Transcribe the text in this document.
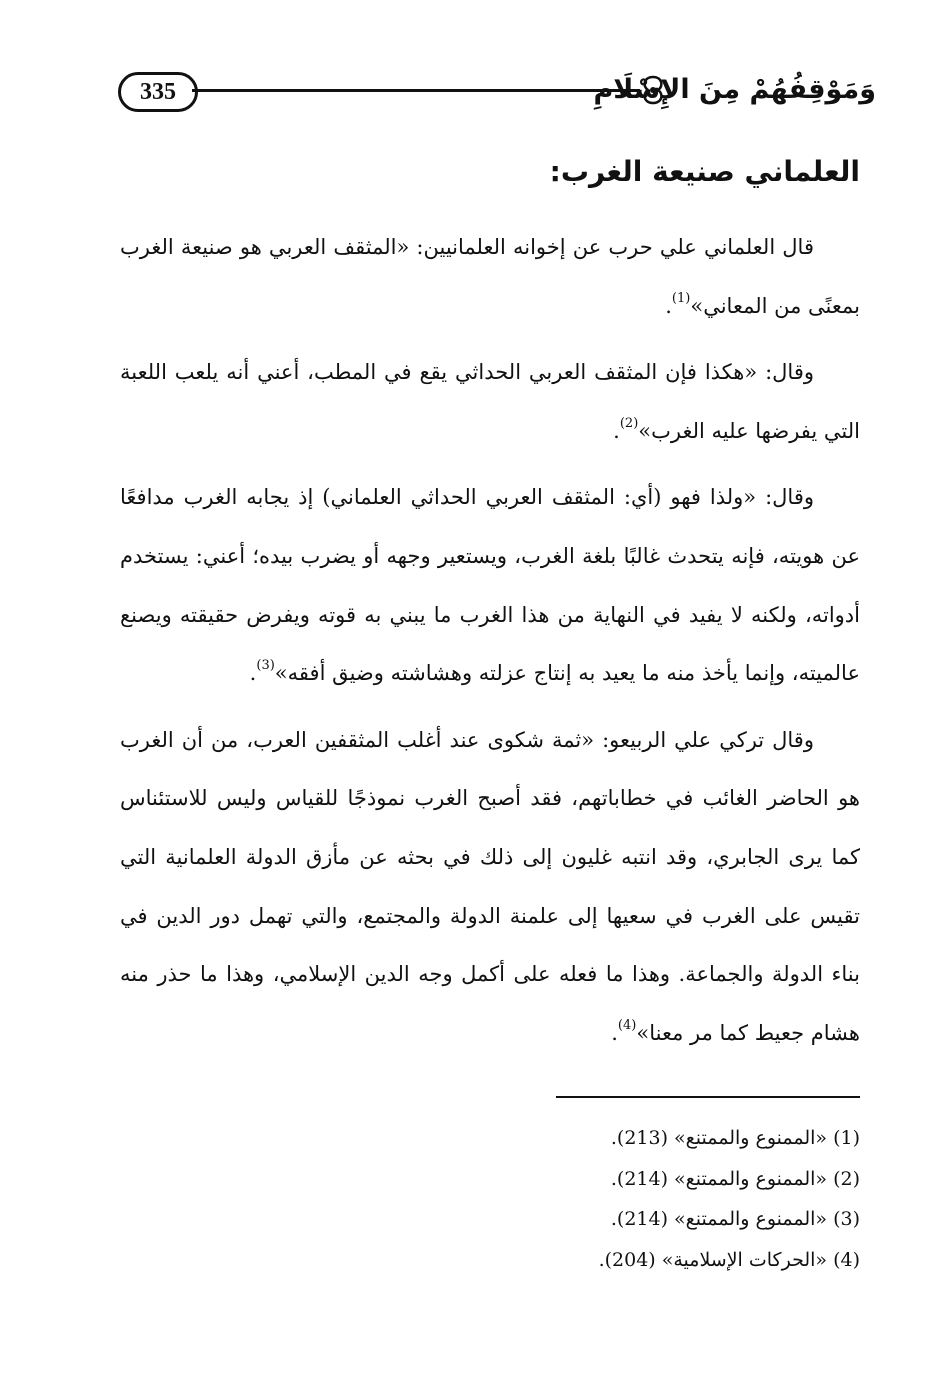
335	وَمَوْقِفُهُمْ مِنَ الإِسْلَامِ
العلماني صنيعة الغرب:

قال العلماني علي حرب عن إخوانه العلمانيين: «المثقف العربي هو صنيعة الغرب بمعنًى من المعاني»$^{(1)}$.

وقال: «هكذا فإن المثقف العربي الحداثي يقع في المطب، أعني أنه يلعب اللعبة التي يفرضها عليه الغرب»$^{(2)}$.

وقال: «ولذا فهو (أي: المثقف العربي الحداثي العلماني) إذ يجابه الغرب مدافعًا عن هويته، فإنه يتحدث غالبًا بلغة الغرب، ويستعير وجهه أو يضرب بيده؛ أعني: يستخدم أدواته، ولكنه لا يفيد في النهاية من هذا الغرب ما يبني به قوته ويفرض حقيقته ويصنع عالميته، وإنما يأخذ منه ما يعيد به إنتاج عزلته وهشاشته وضيق أفقه»$^{(3)}$.

وقال تركي علي الربيعو: «ثمة شكوى عند أغلب المثقفين العرب، من أن الغرب هو الحاضر الغائب في خطاباتهم، فقد أصبح الغرب نموذجًا للقياس وليس للاستئناس كما يرى الجابري، وقد انتبه غليون إلى ذلك في بحثه عن مأزق الدولة العلمانية التي تقيس على الغرب في سعيها إلى علمنة الدولة والمجتمع، والتي تهمل دور الدين في بناء الدولة والجماعة. وهذا ما فعله على أكمل وجه الدين الإسلامي، وهذا ما حذر منه هشام جعيط كما مر معنا»$^{(4)}$.

(1) «الممنوع والممتنع» (213).
(2) «الممنوع والممتنع» (214).
(3) «الممنوع والممتنع» (214).
(4) «الحركات الإسلامية» (204).
